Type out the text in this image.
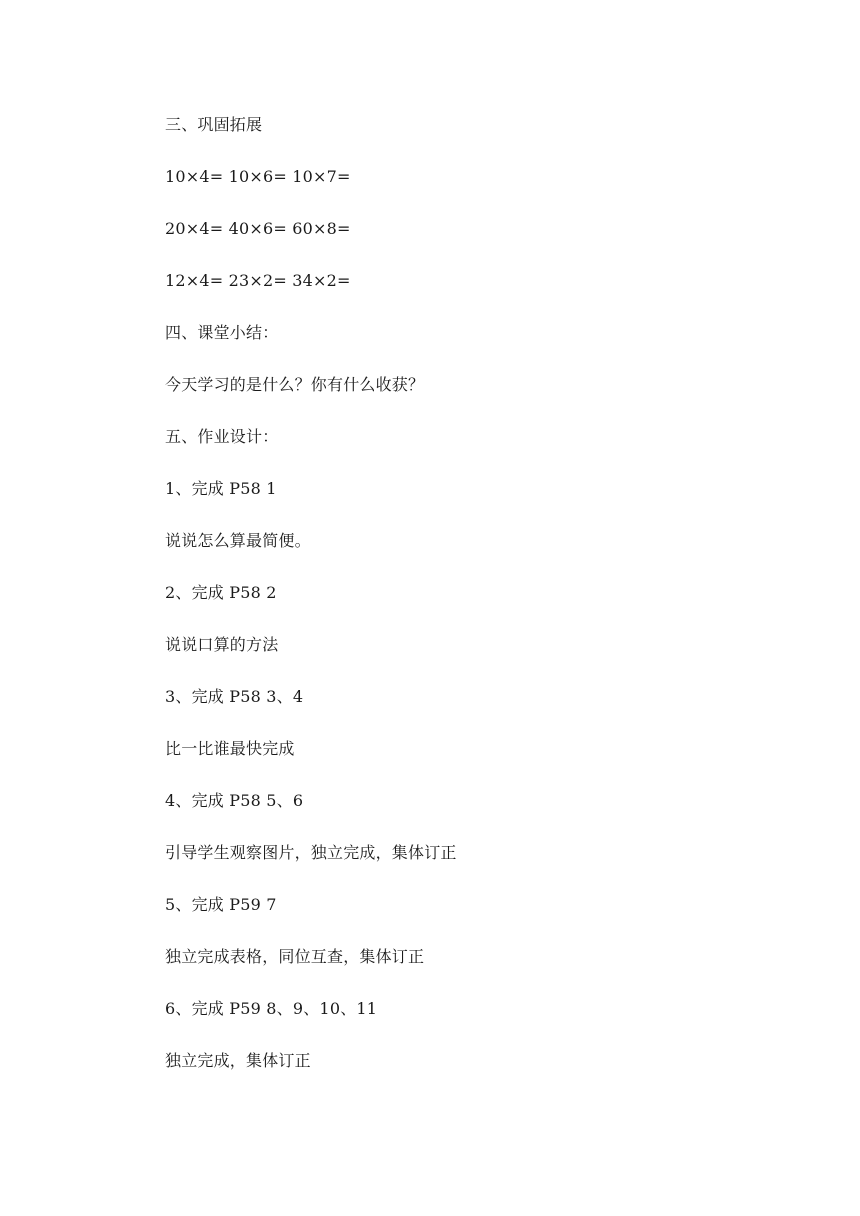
三、巩固拓展
10×4= 10×6= 10×7=
20×4= 40×6= 60×8=
12×4= 23×2= 34×2=
四、课堂小结：
今天学习的是什么？你有什么收获？
五、作业设计：
1、完成 P58 1
说说怎么算最简便。
2、完成 P58 2
说说口算的方法
3、完成 P58 3、4
比一比谁最快完成
4、完成 P58 5、6
引导学生观察图片，独立完成，集体订正
5、完成 P59 7
独立完成表格，同位互查，集体订正
6、完成 P59 8、9、10、11
独立完成，集体订正
